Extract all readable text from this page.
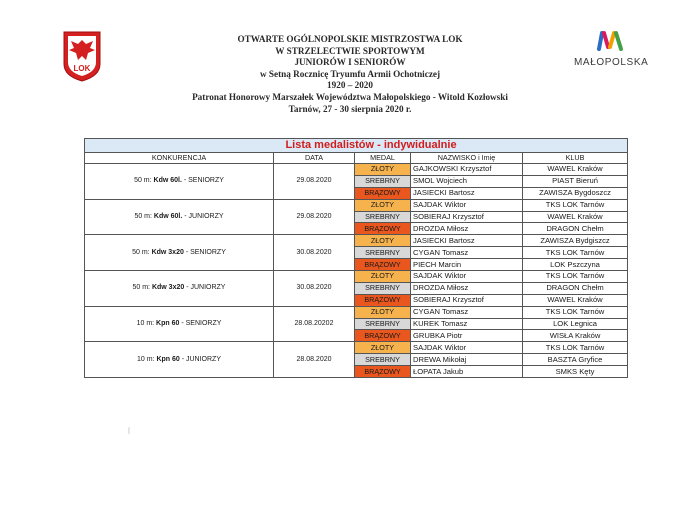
LOK
MAŁOPOLSKA
OTWARTE OGÓLNOPOLSKIE MISTRZOSTWA LOK
W STRZELECTWIE SPORTOWYM
JUNIORÓW I SENIORÓW
w Setną Rocznicę Tryumfu Armii Ochotniczej
1920 – 2020
Patronat Honorowy Marszałek Województwa Małopolskiego - Witold Kozłowski
Tarnów, 27 - 30 sierpnia 2020 r.
Lista medalistów - indywidualnie				
KONKURENCJA	DATA	MEDAL	NAZWISKO i Imię	KLUB
50 m: Kdw 60l. - SENIORZY	29.08.2020	ZŁOTY	GAJKOWSKI Krzysztof	WAWEL Kraków
		SREBRNY	SMOL Wojciech	PIAST Bieruń
		BRĄZOWY	JASIECKI Bartosz	ZAWISZA Bygdoszcz
50 m: Kdw 60l. - JUNIORZY	29.08.2020	ZŁOTY	SAJDAK Wiktor	TKS LOK Tarnów
		SREBRNY	SOBIERAJ Krzysztof	WAWEL Kraków
		BRĄZOWY	DROZDA Miłosz	DRAGON Chełm
50 m: Kdw 3x20 - SENIORZY	30.08.2020	ZŁOTY	JASIECKI Bartosz	ZAWISZA Bydgiszcz
		SREBRNY	CYGAN Tomasz	TKS LOK Tarnów
		BRĄZOWY	PIECH Marcin	LOK Pszczyna
50 m: Kdw 3x20 - JUNIORZY	30.08.2020	ZŁOTY	SAJDAK Wiktor	TKS LOK Tarnów
		SREBRNY	DROZDA Miłosz	DRAGON Chełm
		BRĄZOWY	SOBIERAJ Krzysztof	WAWEL Kraków
10 m: Kpn 60 - SENIORZY	28.08.20202	ZŁOTY	CYGAN Tomasz	TKS LOK Tarnów
		SREBRNY	KUREK Tomasz	LOK Legnica
		BRĄZOWY	GRUBKA Piotr	WISŁA Kraków
10 m: Kpn 60 - JUNIORZY	28.08.2020	ZŁOTY	SAJDAK Wiktor	TKS LOK Tarnów
		SREBRNY	DREWA Mikołaj	BASZTA Gryfice
		BRĄZOWY	ŁOPATA Jakub	SMKS Kęty
⌈
